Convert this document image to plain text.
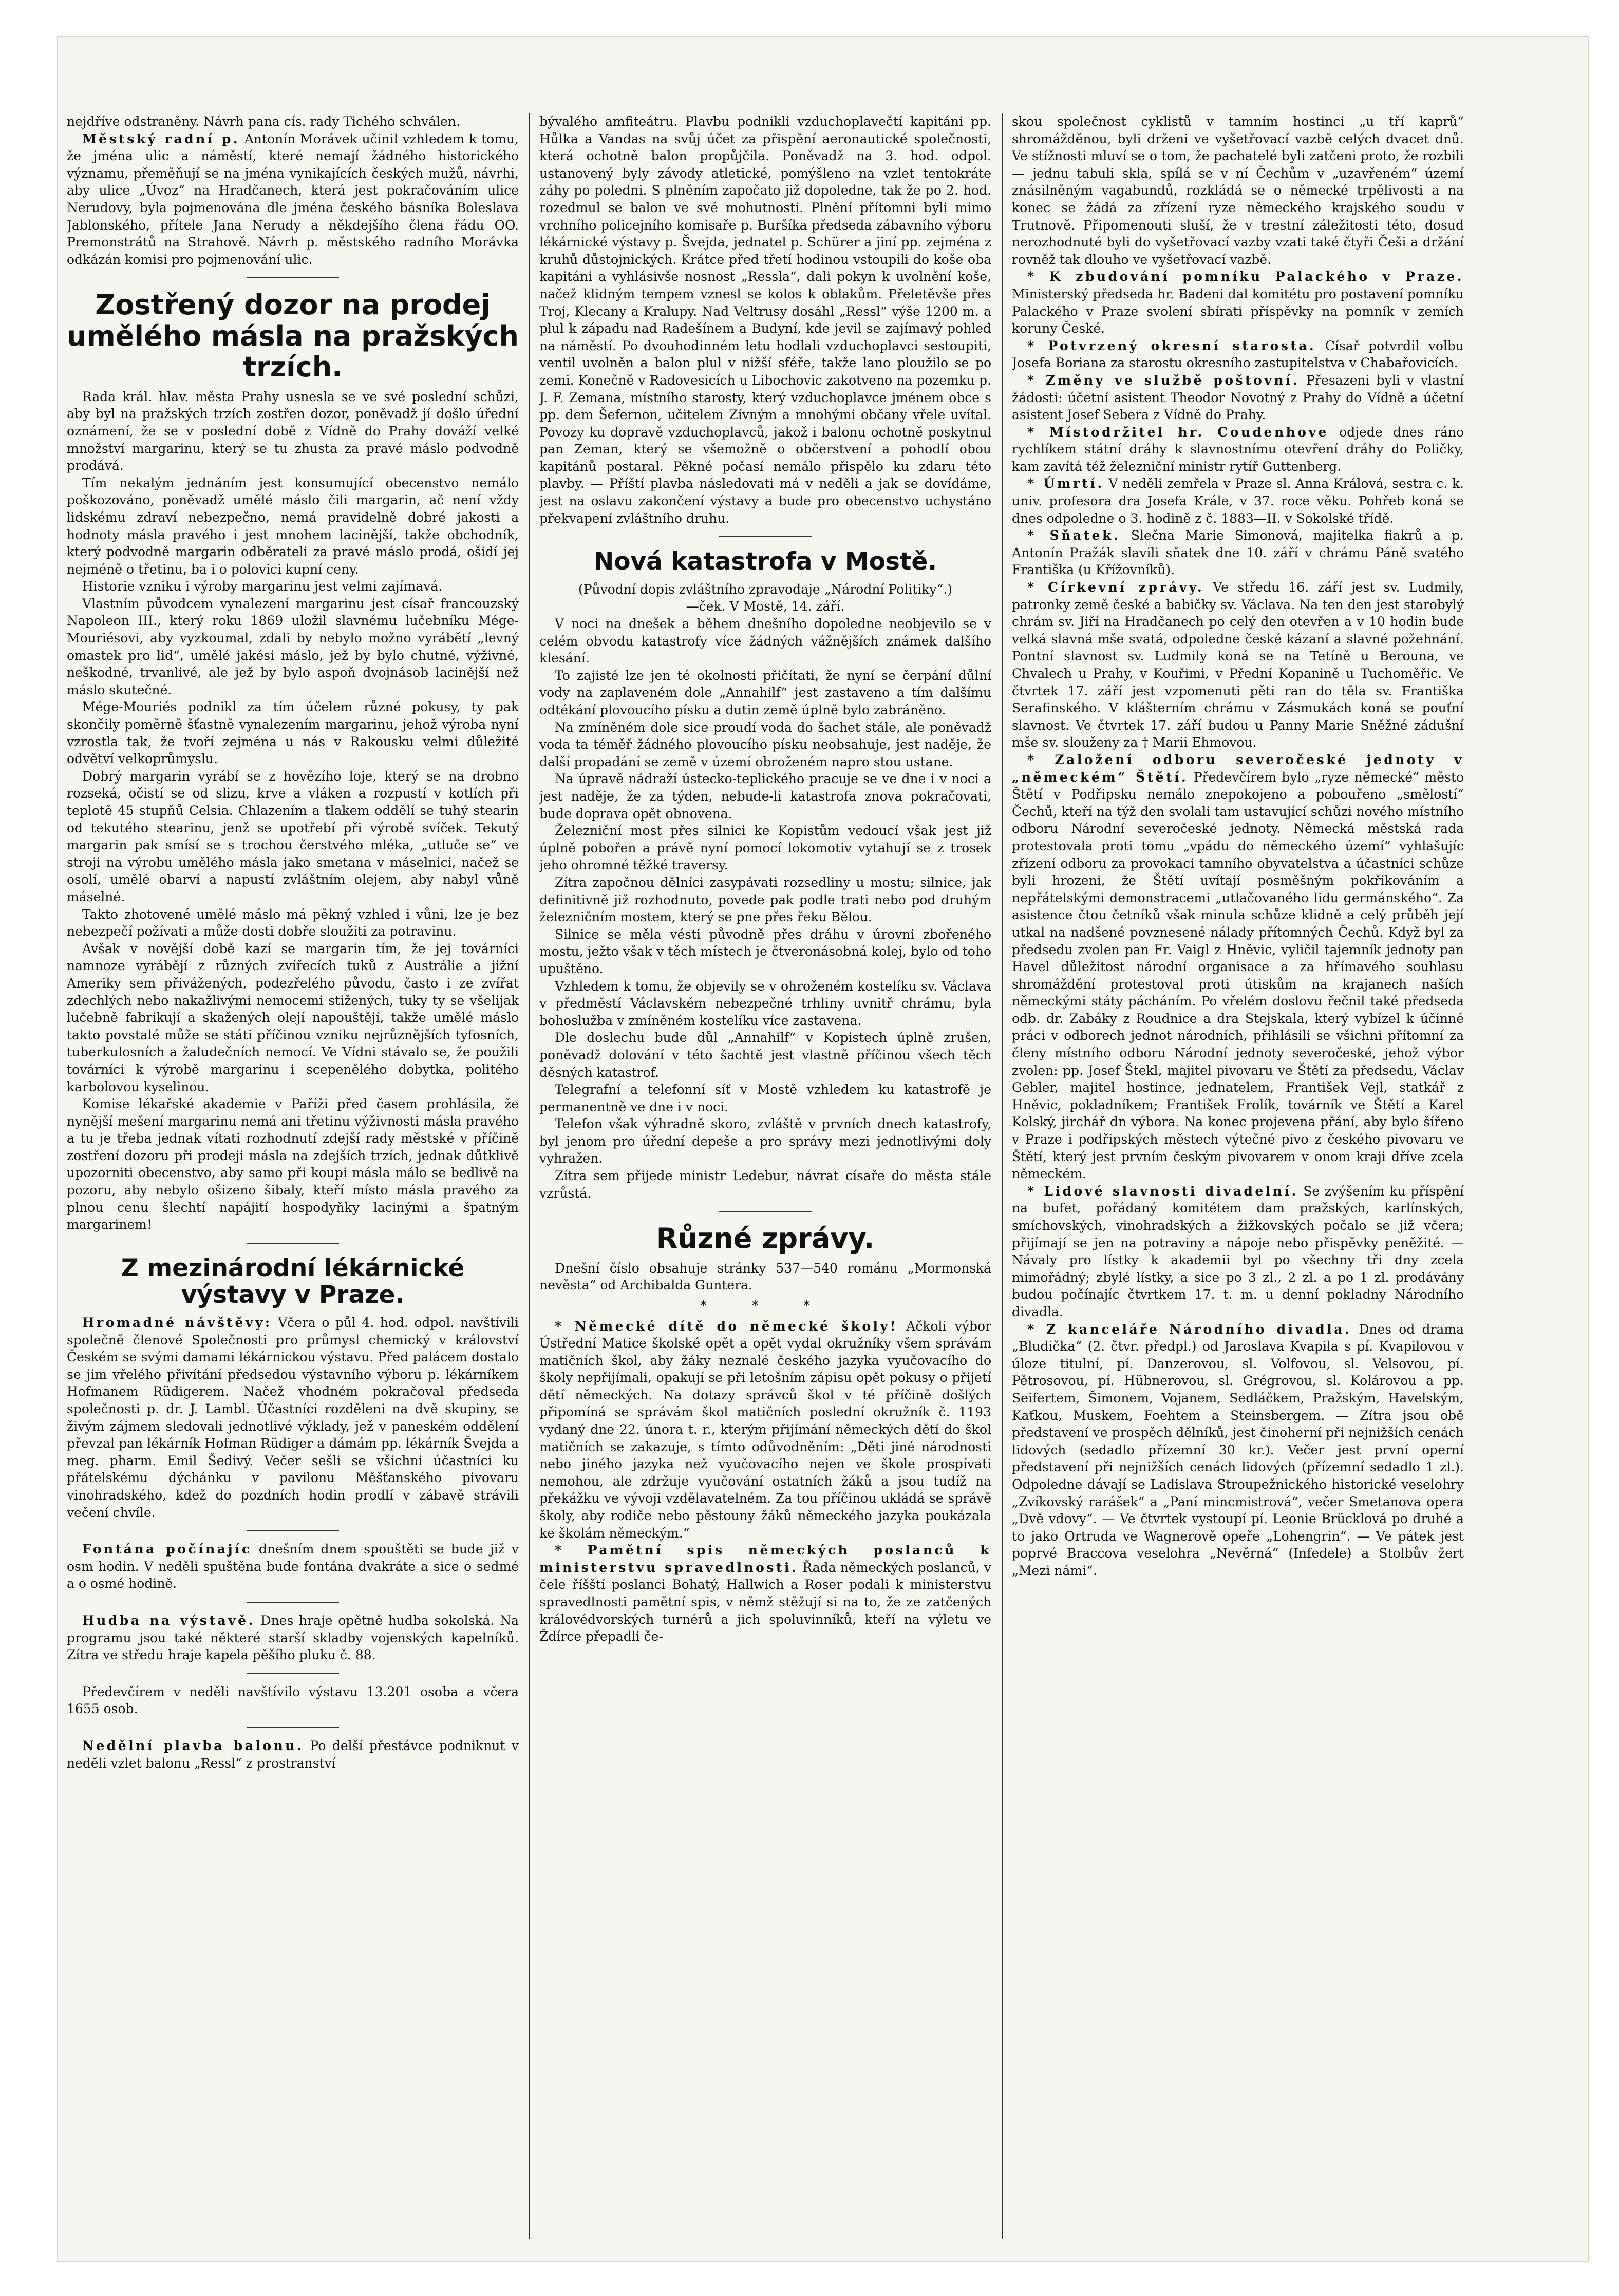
nejdříve odstraněny. Návrh pana cís. rady Tichého schválen.

Městský radní p. Antonín Morávek učinil vzhledem k tomu, že jména ulic a náměstí, které nemají žádného historického významu, přeměňují se na jména vynikajících českých mužů, návrhi, aby ulice „Úvoz“ na Hradčanech, která jest pokračováním ulice Nerudovy, byla pojmenována dle jména českého básníka Boleslava Jablonského, přítele Jana Nerudy a někdejšího člena řádu OO. Premonstrátů na Strahově. Návrh p. městského radního Morávka odkázán komisi pro pojmenování ulic.

Zostřený dozor na prodej umělého másla na pražských trzích.

Rada král. hlav. města Prahy usnesla se ve své poslední schůzi, aby byl na pražských trzích zostřen dozor, poněvadž jí došlo úřední oznámení, že se v poslední době z Vídně do Prahy dováží velké množství margarinu, který se tu zhusta za pravé máslo podvodně prodává.

Tím nekalým jednáním jest konsumující obecenstvo nemálo poškozováno, poněvadž umělé máslo čili margarin, ač není vždy lidskému zdraví nebezpečno, nemá pravidelně dobré jakosti a hodnoty másla pravého i jest mnohem lacinější, takže obchodník, který podvodně margarin odběrateli za pravé máslo prodá, ošidí jej nejméně o třetinu, ba i o polovici kupní ceny.

Historie vzniku i výroby margarinu jest velmi zajímavá.

Vlastním původcem vynalezení margarinu jest císař francouzský Napoleon III., který roku 1869 uložil slavnému lučebníku Mége-Mouriésovi, aby vyzkoumal, zdali by nebylo možno vyrábětí „levný omastek pro lid“, umělé jakési máslo, jež by bylo chutné, výživné, neškodné, trvanlivé, ale jež by bylo aspoň dvojnásob lacinější než máslo skutečné.

Mége-Mouriés podnikl za tím účelem různé pokusy, ty pak skončily poměrně šťastně vynalezením margarinu, jehož výroba nyní vzrostla tak, že tvoří zejména u nás v Rakousku velmi důležité odvětví velkoprůmyslu.

Dobrý margarin vyrábí se z hovězího loje, který se na drobno rozseká, očistí se od slizu, krve a vláken a rozpustí v kotlích při teplotě 45 stupňů Celsia. Chlazením a tlakem oddělí se tuhý stearin od tekutého stearinu, jenž se upotřebí při výrobě svíček. Tekutý margarin pak smísí se s trochou čerstvého mléka, „utluče se“ ve stroji na výrobu umělého másla jako smetana v máselnici, načež se osolí, umělé obarví a napustí zvláštním olejem, aby nabyl vůně máselné.

Takto zhotovené umělé máslo má pěkný vzhled i vůni, lze je bez nebezpečí požívati a může dosti dobře sloužiti za potravinu.

Avšak v novější době kazí se margarin tím, že jej továrníci namnoze vyrábějí z různých zvířecích tuků z Austrálie a jižní Ameriky sem přivážených, podezřelého původu, často i ze zvířat zdechlých nebo nakažlivými nemocemi stižených, tuky ty se všelijak lučebně fabrikují a skažených olejí napouštějí, takže umělé máslo takto povstalé může se státi příčinou vzniku nejrůznějších tyfosních, tuberkulosních a žaludečních nemocí. Ve Vídni stávalo se, že použili továrníci k výrobě margarinu i scepenělého dobytka, politého karbolovou kyselinou.

Komise lékařské akademie v Paříži před časem prohlásila, že nynější mešení margarinu nemá ani třetinu výživnosti másla pravého a tu je třeba jednak vítati rozhodnutí zdejší rady městské v příčině zostření dozoru při prodeji másla na zdejších trzích, jednak důtklivě upozorniti obecenstvo, aby samo při koupi másla málo se bedlivě na pozoru, aby nebylo ošizeno šibaly, kteří místo másla pravého za plnou cenu šlechtí napájití hospodyňky lacinými a špatným margarinem!

Z mezinárodní lékárnické výstavy v Praze.

Hromadné návštěvy: Včera o půl 4. hod. odpol. navštívili společně členové Společnosti pro průmysl chemický v království Českém se svými damami lékárnickou výstavu. Před palácem dostalo se jim vřelého přivítání předsedou výstavního výboru p. lékárníkem Hofmanem Rüdigerem. Načež vhodném pokračoval předseda společnosti p. dr. J. Lambl. Účastníci rozděleni na dvě skupiny, se živým zájmem sledovali jednotlivé výklady, jež v paneském oddělení převzal pan lékárník Hofman Rüdiger a dámám pp. lékárník Švejda a meg. pharm. Emil Šedivý. Večer sešli se všichni účastníci ku přátelskému dýchánku v pavilonu Měšťanského pivovaru vinohradského, kdež do pozdních hodin prodlí v zábavě strávili večení chvíle.

Fontána počínajíc dnešním dnem spouštěti se bude již v osm hodin. V neděli spuštěna bude fontána dvakráte a sice o sedmé a o osmé hodině.

Hudba na výstavě. Dnes hraje opětně hudba sokolská. Na programu jsou také některé starší skladby vojenských kapelníků. Zítra ve středu hraje kapela pěšího pluku č. 88.

Předevčírem v neděli navštívilo výstavu 13.201 osoba a včera 1655 osob.

Nedělní plavba balonu. Po delší přestávce podniknut v neděli vzlet balonu „Ressl“ z prostranství

bývalého amfiteátru. Plavbu podnikli vzduchoplavečtí kapitáni pp. Hůlka a Vandas na svůj účet za přispění aeronautické společnosti, která ochotně balon propůjčila. Poněvadž na 3. hod. odpol. ustanovený byly závody atletické, pomýšleno na vzlet tentokráte záhy po poledni. S plněním započato již dopoledne, tak že po 2. hod. rozedmul se balon ve své mohutnosti. Plnění přítomni byli mimo vrchního policejního komisaře p. Buršíka předseda zábavního výboru lékárnické výstavy p. Švejda, jednatel p. Schürer a jiní pp. zejména z kruhů důstojnických. Krátce před třetí hodinou vstoupili do koše oba kapitáni a vyhlásivše nosnost „Ressla“, dali pokyn k uvolnění koše, načež klidným tempem vznesl se kolos k oblakům. Přeletěvše přes Troj, Klecany a Kralupy. Nad Veltrusy dosáhl „Ressl“ výše 1200 m. a plul k západu nad Radešínem a Budyní, kde jevil se zajímavý pohled na náměstí. Po dvouhodinném letu hodlali vzduchoplavci sestoupiti, ventil uvolněn a balon plul v nižší sféře, takže lano ploužilo se po zemi. Konečně v Radovesicích u Libochovic zakotveno na pozemku p. J. F. Zemana, místního starosty, který vzduchoplavce jménem obce s pp. dem Šefernon, učitelem Zívným a mnohými občany vřele uvítal. Povozy ku dopravě vzduchoplavců, jakož i balonu ochotně poskytnul pan Zeman, který se všemožně o občerstvení a pohodlí obou kapitánů postaral. Pěkné počasí nemálo přispělo ku zdaru této plavby. — Příští plavba následovati má v neděli a jak se dovídáme, jest na oslavu zakončení výstavy a bude pro obecenstvo uchystáno překvapení zvláštního druhu.

Nová katastrofa v Mostě.

(Původní dopis zvláštního zpravodaje „Národní Politiky“.)

—ček. V Mostě, 14. září.

V noci na dnešek a během dnešního dopoledne neobjevilo se v celém obvodu katastrofy více žádných vážnějších známek dalšího klesání.

To zajisté lze jen té okolnosti přičítati, že nyní se čerpání důlní vody na zaplaveném dole „Annahilf“ jest zastaveno a tím dalšímu odtékání plovoucího písku a dutin země úplně bylo zabráněno.

Na zmíněném dole sice proudí voda do šachet stále, ale poněvadž voda ta téměř žádného plovoucího písku neobsahuje, jest naděje, že další propadání se země v území obroženém napro stou ustane.

Na úpravě nádraží ústecko-teplického pracuje se ve dne i v noci a jest naděje, že za týden, nebude-li katastrofa znova pokračovati, bude doprava opět obnovena.

Železniční most přes silnici ke Kopistům vedoucí však jest již úplně pobořen a právě nyní pomocí lokomotiv vytahují se z trosek jeho ohromné těžké traversy.

Zítra započnou dělníci zasypávati rozsedliny u mostu; silnice, jak definitivně již rozhodnuto, povede pak podle trati nebo pod druhým železničním mostem, který se pne přes řeku Bělou.

Silnice se měla vésti původně přes dráhu v úrovni zbořeného mostu, ježto však v těch místech je čtveronásobná kolej, bylo od toho upuštěno.

Vzhledem k tomu, že objevily se v ohroženém kostelíku sv. Václava v předměstí Václavském nebezpečné trhliny uvnitř chrámu, byla bohoslužba v zmíněném kostelíku více zastavena.

Dle doslechu bude důl „Annahilf“ v Kopistech úplně zrušen, poněvadž dolování v této šachtě jest vlastně příčinou všech těch děsných katastrof.

Telegrafní a telefonní síť v Mostě vzhledem ku katastrofě je permanentně ve dne i v noci.

Telefon však výhradně skoro, zvláště v prvních dnech katastrofy, byl jenom pro úřední depeše a pro správy mezi jednotlivými doly vyhražen.

Zítra sem přijede ministr Ledebur, návrat císaře do města stále vzrůstá.

Různé zprávy.

Dnešní číslo obsahuje stránky 537—540 románu „Mormonská nevěsta“ od Archibalda Guntera.

* * *

* Německé dítě do německé školy! Ačkoli výbor Ústřední Matice školské opět a opět vydal okružníky všem správám matičních škol, aby žáky neznalé českého jazyka vyučovacího do školy nepřijímali, opakují se při letošním zápisu opět pokusy o přijetí dětí německých. Na dotazy správců škol v té příčině došlých připomíná se správám škol matičních poslední okružník č. 1193 vydaný dne 22. února t. r., kterým přijímání německých dětí do škol matičních se zakazuje, s tímto odůvodněním: „Děti jiné národnosti nebo jiného jazyka než vyučovacího nejen ve škole prospívati nemohou, ale zdržuje vyučování ostatních žáků a jsou tudíž na překážku ve vývoji vzdělavatelném. Za tou příčinou ukládá se správě školy, aby rodiče nebo pěstouny žáků německého jazyka poukázala ke školám německým.“

* Pamětní spis německých poslanců k ministerstvu spravedlnosti. Řada německých poslanců, v čele říšští poslanci Bohatý, Hallwich a Roser podali k ministerstvu spravedlnosti pamětní spis, v němž stěžují si na to, že ze zatčených královédvorských turnérů a jich spoluvinníků, kteří na výletu ve Ždírce přepadli če-

skou společnost cyklistů v tamním hostinci „u tří kaprů“ shromážděnou, byli drženi ve vyšetřovací vazbě celých dvacet dnů. Ve stížnosti mluví se o tom, že pachatelé byli zatčeni proto, že rozbili — jednu tabuli skla, spílá se v ní Čechům v „uzavřeném“ území znásilněným vagabundů, rozkládá se o německé trpělivosti a na konec se žádá za zřízení ryze německého krajského soudu v Trutnově. Připomenouti sluší, že v trestní záležitosti této, dosud nerozhodnuté byli do vyšetřovací vazby vzati také čtyři Češi a držání rovněž tak dlouho ve vyšetřovací vazbě.

* K zbudování pomníku Palackého v Praze. Ministerský předseda hr. Badeni dal komitétu pro postavení pomníku Palackého v Praze svolení sbírati příspěvky na pomník v zemích koruny České.

* Potvrzený okresní starosta. Císař potvrdil volbu Josefa Boriana za starostu okresního zastupitelstva v Chabařovicích.

* Změny ve službě poštovní. Přesazeni byli v vlastní žádosti: účetní asistent Theodor Novotný z Prahy do Vídně a účetní asistent Josef Sebera z Vídně do Prahy.

* Místodržitel hr. Coudenhove odjede dnes ráno rychlíkem státní dráhy k slavnostnímu otevření dráhy do Poličky, kam zavítá též železniční ministr rytíř Guttenberg.

* Úmrtí. V neděli zemřela v Praze sl. Anna Králová, sestra c. k. univ. profesora dra Josefa Krále, v 37. roce věku. Pohřeb koná se dnes odpoledne o 3. hodině z č. 1883—II. v Sokolské třídě.

* Sňatek. Slečna Marie Simonová, majitelka fiakrů a p. Antonín Pražák slavili sňatek dne 10. září v chrámu Páně svatého Františka (u Křížovníků).

* Církevní zprávy. Ve středu 16. září jest sv. Ludmily, patronky země české a babičky sv. Václava. Na ten den jest starobylý chrám sv. Jiří na Hradčanech po celý den otevřen a v 10 hodin bude velká slavná mše svatá, odpoledne české kázaní a slavné požehnání. Pontní slavnost sv. Ludmily koná se na Tetíně u Berouna, ve Chvalech u Prahy, v Kouřimi, v Přední Kopanině u Tuchoměřic. Ve čtvrtek 17. září jest vzpomenuti pěti ran do těla sv. Františka Serafinského. V klášterním chrámu v Zásmukách koná se pouťní slavnost. Ve čtvrtek 17. září budou u Panny Marie Sněžné zádušní mše sv. slouženy za † Marii Ehmovou.

* Založení odboru severočeské jednoty v „německém“ Štětí. Předevčírem bylo „ryze německé“ město Štětí v Podřipsku nemálo znepokojeno a pobouřeno „smělostí“ Čechů, kteří na týž den svolali tam ustavující schůzi nového místního odboru Národní severočeské jednoty. Německá městská rada protestovala proti tomu „vpádu do německého území“ vyhlašujíc zřízení odboru za provokaci tamního obyvatelstva a účastníci schůze byli hrozeni, že Štětí uvítají posměšným pokřikováním a nepřátelskými demonstracemi „utlačovaného lidu germánského“. Za asistence čtou četníků však minula schůze klidně a celý průběh její utkal na nadšené povznesené nálady přítomných Čechů. Když byl za předsedu zvolen pan Fr. Vaigl z Hněvic, vyličil tajemník jednoty pan Havel důležitost národní organisace a za hřímavého souhlasu shromáždění protestoval proti útiskům na krajanech naších německými státy pácháním. Po vřelém doslovu řečnil také předseda odb. dr. Zabáky z Roudnice a dra Stejskala, který vybízel k účinné práci v odborech jednot národních, přihlásili se všichni přítomní za členy místního odboru Národní jednoty severočeské, jehož výbor zvolen: pp. Josef Štekl, majitel pivovaru ve Štětí za předsedu, Václav Gebler, majitel hostince, jednatelem, František Vejl, statkář z Hněvic, pokladníkem; František Frolík, továrník ve Štětí a Karel Kolský, jirchář dn výbora. Na konec projevena přání, aby bylo šířeno v Praze i podřipských městech výtečné pivo z českého pivovaru ve Štětí, který jest prvním českým pivovarem v onom kraji dříve zcela německém.

* Lidové slavnosti divadelní. Se zvýšením ku příspění na bufet, pořádaný komitétem dam pražských, karlínských, smíchovských, vinohradských a žižkovských počalo se již včera; přijímají se jen na potraviny a nápoje nebo přispěvky peněžité. — Návaly pro lístky k akademii byl po všechny tři dny zcela mimořádný; zbylé lístky, a sice po 3 zl., 2 zl. a po 1 zl. prodávány budou počínajíc čtvrtkem 17. t. m. u denní pokladny Národního divadla.

* Z kanceláře Národního divadla. Dnes od drama „Bludička“ (2. čtvr. předpl.) od Jaroslava Kvapila s pí. Kvapilovou v úloze titulní, pí. Danzerovou, sl. Volfovou, sl. Velsovou, pí. Pětrosovou, pí. Hübnerovou, sl. Grégrovou, sl. Kolárovou a pp. Seifertem, Šimonem, Vojanem, Sedláčkem, Pražským, Havelským, Kaťkou, Muskem, Foehtem a Steinsbergem. — Zítra jsou obě představení ve prospěch dělníků, jest činoherní při nejnižších cenách lidových (sedadlo přízemní 30 kr.). Večer jest první operní představení při nejnižších cenách lidových (přízemní sedadlo 1 zl.). Odpoledne dávají se Ladislava Stroupežnického historické veselohry „Zvíkovský rarášek“ a „Paní mincmistrová“, večer Smetanova opera „Dvě vdovy“. — Ve čtvrtek vystoupí pí. Leonie Brücklová po druhé a to jako Ortruda ve Wagnerově opeře „Lohengrin“. — Ve pátek jest poprvé Braccova veselohra „Nevěrná“ (Infedele) a Stolbův žert „Mezi námi“.
